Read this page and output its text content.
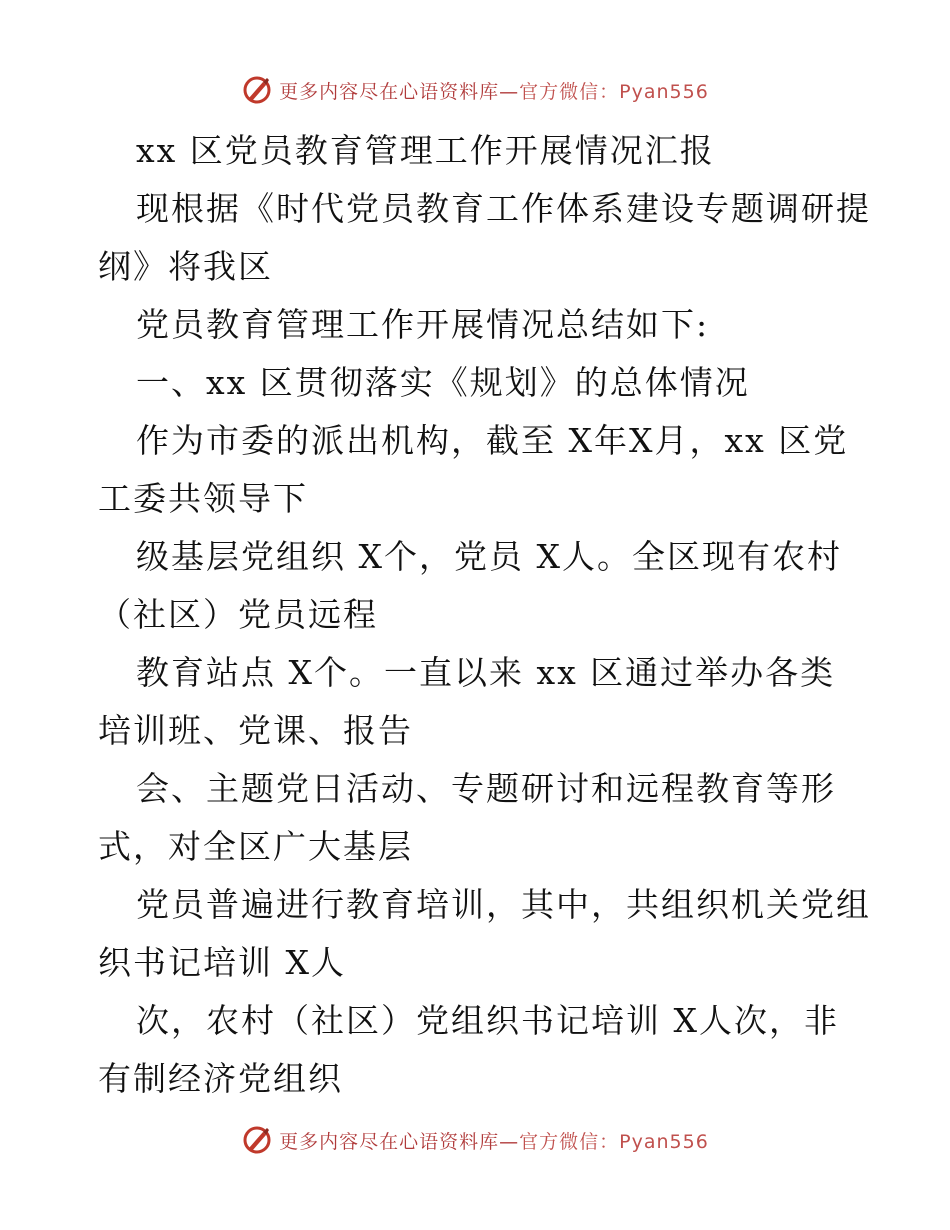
更多内容尽在心语资料库—官方微信：Pyan556
xx 区党员教育管理工作开展情况汇报
现根据《时代党员教育工作体系建设专题调研提
纲》将我区
党员教育管理工作开展情况总结如下:
一、xx 区贯彻落实《规划》的总体情况
作为市委的派出机构，截至 X年X月，xx 区党
工委共领导下
级基层党组织 X个，党员 X人。全区现有农村
（社区）党员远程
教育站点 X个。一直以来 xx 区通过举办各类
培训班、党课、报告
会、主题党日活动、专题研讨和远程教育等形
式，对全区广大基层
党员普遍进行教育培训，其中，共组织机关党组
织书记培训 X人
次，农村（社区）党组织书记培训 X人次，非
有制经济党组织
更多内容尽在心语资料库—官方微信：Pyan556
